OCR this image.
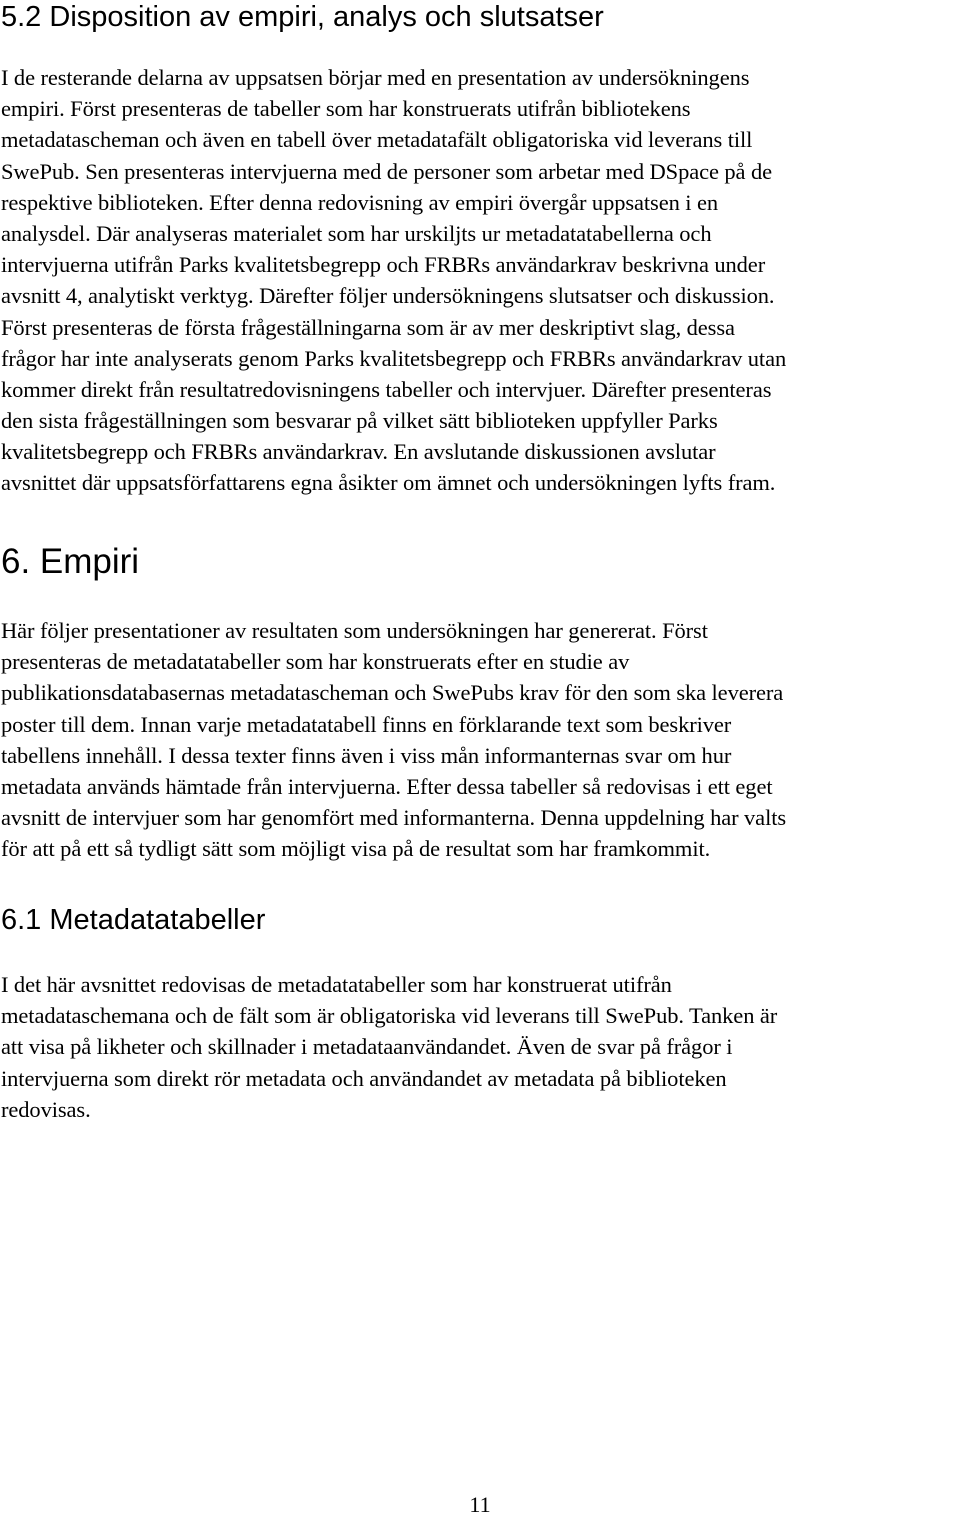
5.2 Disposition av empiri, analys och slutsatser
I de resterande delarna av uppsatsen börjar med en presentation av undersökningens
empiri. Först presenteras de tabeller som har konstruerats utifrån bibliotekens
metadatascheman och även en tabell över metadatafält obligatoriska vid leverans till
SwePub. Sen presenteras intervjuerna med de personer som arbetar med DSpace på de
respektive biblioteken. Efter denna redovisning av empiri övergår uppsatsen i en
analysdel. Där analyseras materialet som har urskiljts ur metadatatabellerna och
intervjuerna utifrån Parks kvalitetsbegrepp och FRBRs användarkrav beskrivna under
avsnitt 4, analytiskt verktyg. Därefter följer undersökningens slutsatser och diskussion.
Först presenteras de första frågeställningarna som är av mer deskriptivt slag, dessa
frågor har inte analyserats genom Parks kvalitetsbegrepp och FRBRs användarkrav utan
kommer direkt från resultatredovisningens tabeller och intervjuer. Därefter presenteras
den sista frågeställningen som besvarar på vilket sätt biblioteken uppfyller Parks
kvalitetsbegrepp och FRBRs användarkrav. En avslutande diskussionen avslutar
avsnittet där uppsatsförfattarens egna åsikter om ämnet och undersökningen lyfts fram.
6. Empiri
Här följer presentationer av resultaten som undersökningen har genererat. Först
presenteras de metadatatabeller som har konstruerats efter en studie av
publikationsdatabasernas metadatascheman och SwePubs krav för den som ska leverera
poster till dem. Innan varje metadatatabell finns en förklarande text som beskriver
tabellens innehåll. I dessa texter finns även i viss mån informanternas svar om hur
metadata används hämtade från intervjuerna. Efter dessa tabeller så redovisas i ett eget
avsnitt de intervjuer som har genomfört med informanterna. Denna uppdelning har valts
för att på ett så tydligt sätt som möjligt visa på de resultat som har framkommit.
6.1 Metadatatabeller
I det här avsnittet redovisas de metadatatabeller som har konstruerat utifrån
metadataschemana och de fält som är obligatoriska vid leverans till SwePub. Tanken är
att visa på likheter och skillnader i metadataanvändandet. Även de svar på frågor i
intervjuerna som direkt rör metadata och användandet av metadata på biblioteken
redovisas.
11
